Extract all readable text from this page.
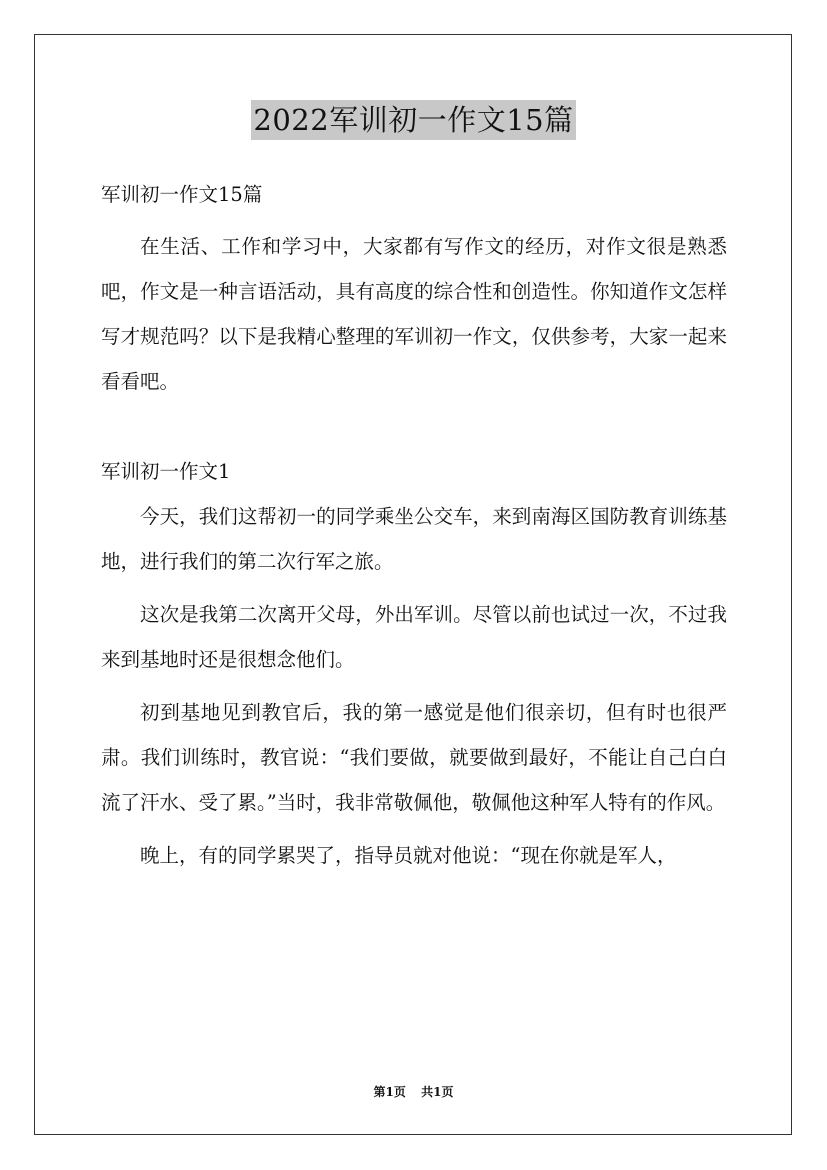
2022军训初一作文15篇

军训初一作文15篇

在生活、工作和学习中，大家都有写作文的经历，对作文很是熟悉吧，作文是一种言语活动，具有高度的综合性和创造性。你知道作文怎样写才规范吗？以下是我精心整理的军训初一作文，仅供参考，大家一起来看看吧。

军训初一作文1

今天，我们这帮初一的同学乘坐公交车，来到南海区国防教育训练基地，进行我们的第二次行军之旅。

这次是我第二次离开父母，外出军训。尽管以前也试过一次，不过我来到基地时还是很想念他们。

初到基地见到教官后，我的第一感觉是他们很亲切，但有时也很严肃。我们训练时，教官说：“我们要做，就要做到最好，不能让自己白白流了汗水、受了累。”当时，我非常敬佩他，敬佩他这种军人特有的作风。

晚上，有的同学累哭了，指导员就对他说：“现在你就是军人，

第1页 共1页
